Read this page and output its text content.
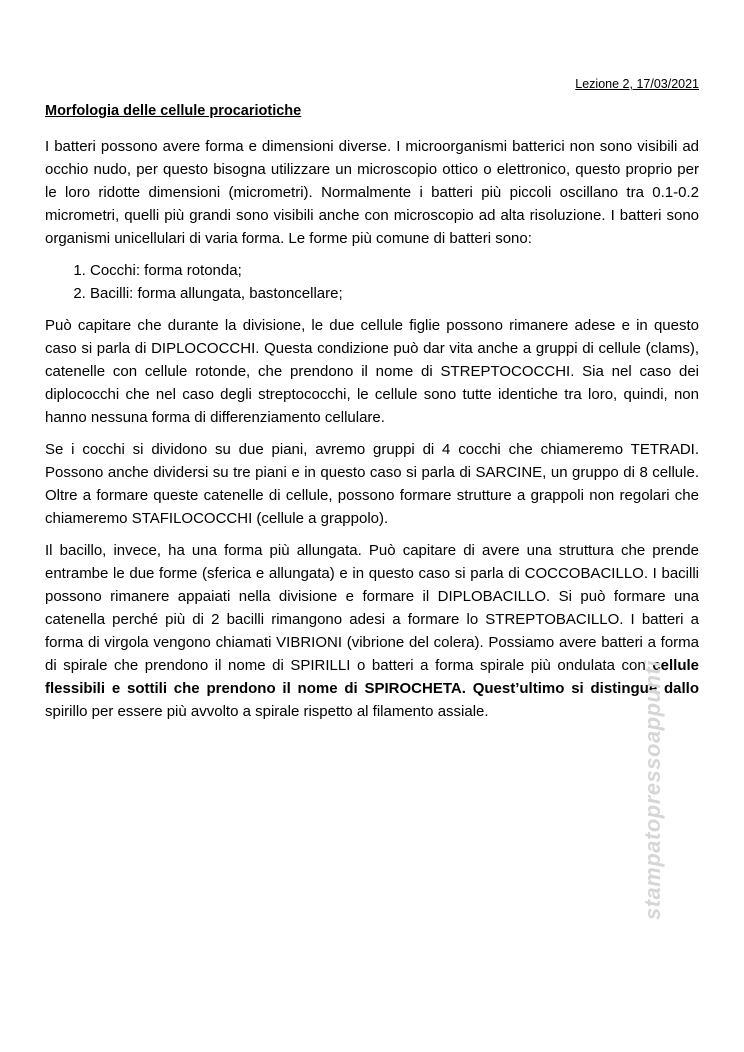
Lezione 2, 17/03/2021
Morfologia delle cellule procariotiche

I batteri possono avere forma e dimensioni diverse. I microorganismi batterici non sono visibili ad occhio nudo, per questo bisogna utilizzare un microscopio ottico o elettronico, questo proprio per le loro ridotte dimensioni (micrometri). Normalmente i batteri più piccoli oscillano tra 0.1-0.2 micrometri, quelli più grandi sono visibili anche con microscopio ad alta risoluzione. I batteri sono organismi unicellulari di varia forma. Le forme più comune di batteri sono:

1. Cocchi: forma rotonda;
2. Bacilli: forma allungata, bastoncellare;

Può capitare che durante la divisione, le due cellule figlie possono rimanere adese e in questo caso si parla di DIPLOCOCCHI. Questa condizione può dar vita anche a gruppi di cellule (clams), catenelle con cellule rotonde, che prendono il nome di STREPTOCOCCHI. Sia nel caso dei diplococchi che nel caso degli streptococchi, le cellule sono tutte identiche tra loro, quindi, non hanno nessuna forma di differenziamento cellulare.

Se i cocchi si dividono su due piani, avremo gruppi di 4 cocchi che chiameremo TETRADI. Possono anche dividersi su tre piani e in questo caso si parla di SARCINE, un gruppo di 8 cellule. Oltre a formare queste catenelle di cellule, possono formare strutture a grappoli non regolari che chiameremo STAFILOCOCCHI (cellule a grappolo).

Il bacillo, invece, ha una forma più allungata. Può capitare di avere una struttura che prende entrambe le due forme (sferica e allungata) e in questo caso si parla di COCCOBACILLO. I bacilli possono rimanere appaiati nella divisione e formare il DIPLOBACILLO. Si può formare una catenella perché più di 2 bacilli rimangono adesi a formare lo STREPTOBACILLO. I batteri a forma di virgola vengono chiamati VIBRIONI (vibrione del colera). Possiamo avere batteri a forma di spirale che prendono il nome di SPIRILLI o batteri a forma spirale più ondulata con cellule flessibili e sottili che prendono il nome di SPIROCHETA. Quest’ultimo si distingue dallo spirillo per essere più avvolto a spirale rispetto al filamento assiale.	stampatopressoappunti
